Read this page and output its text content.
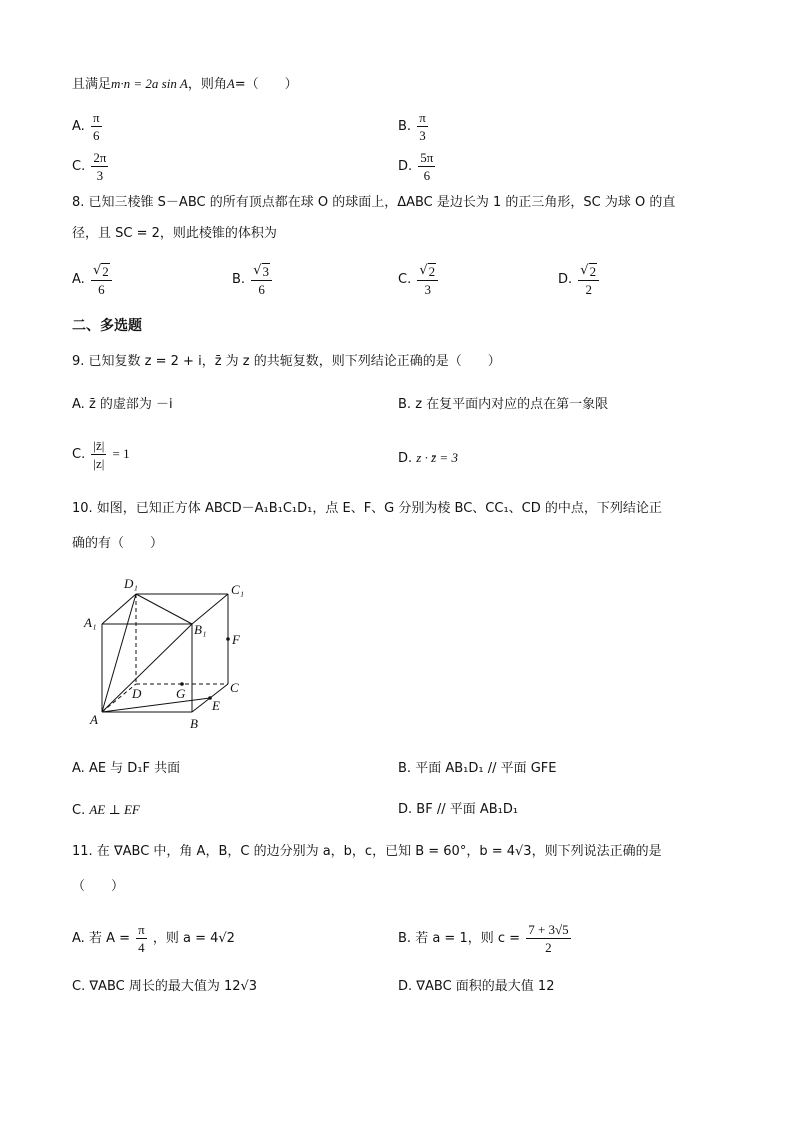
且满足m·n = 2a sin A，则角A=（　　）
A. $\frac{\pi}{6}$	B. $\frac{\pi}{3}$
C. $\frac{2\pi}{3}$	D. $\frac{5\pi}{6}$
8. 已知三棱锥 S－ABC 的所有顶点都在球 O 的球面上，ΔABC 是边长为 1 的正三角形，SC 为球 O 的直
径，且 SC = 2，则此棱锥的体积为
A. $\frac{√ 2}{6}$	B. $\frac{√ 3}{6}$	C. $\frac{√ 2}{3}$	D. $\frac{√ 2}{2}$
二、多选题
9. 已知复数 z = 2 + i，z̄ 为 z 的共轭复数，则下列结论正确的是（　　）
A. z̄ 的虚部为 －i	B. z 在复平面内对应的点在第一象限
C. $\frac{|z̄|}{|z|} = 1$	D. z · z̄ = 3
10. 如图，已知正方体 ABCD－A₁B₁C₁D₁，点 E、F、G 分别为棱 BC、CC₁、CD 的中点，下列结论正
确的有（　　）
D₁	C₁
A₁	B₁
F
D	G	C
E
A	B
A. AE 与 D₁F 共面	B. 平面 AB₁D₁ // 平面 GFE
C. AE ⊥ EF	D. BF // 平面 AB₁D₁
11. 在 ∇ABC 中，角 A，B，C 的边分别为 a，b，c，已知 B = 60°，b = 4√3，则下列说法正确的是
（　　）
A. 若 $A = \frac{\pi}{4}$ ，则 a = 4√2	B. 若 a = 1，则 $c = \frac{7 + 3√5}{2}$
C. ∇ABC 周长的最大值为 12√3	D. ∇ABC 面积的最大值 12
